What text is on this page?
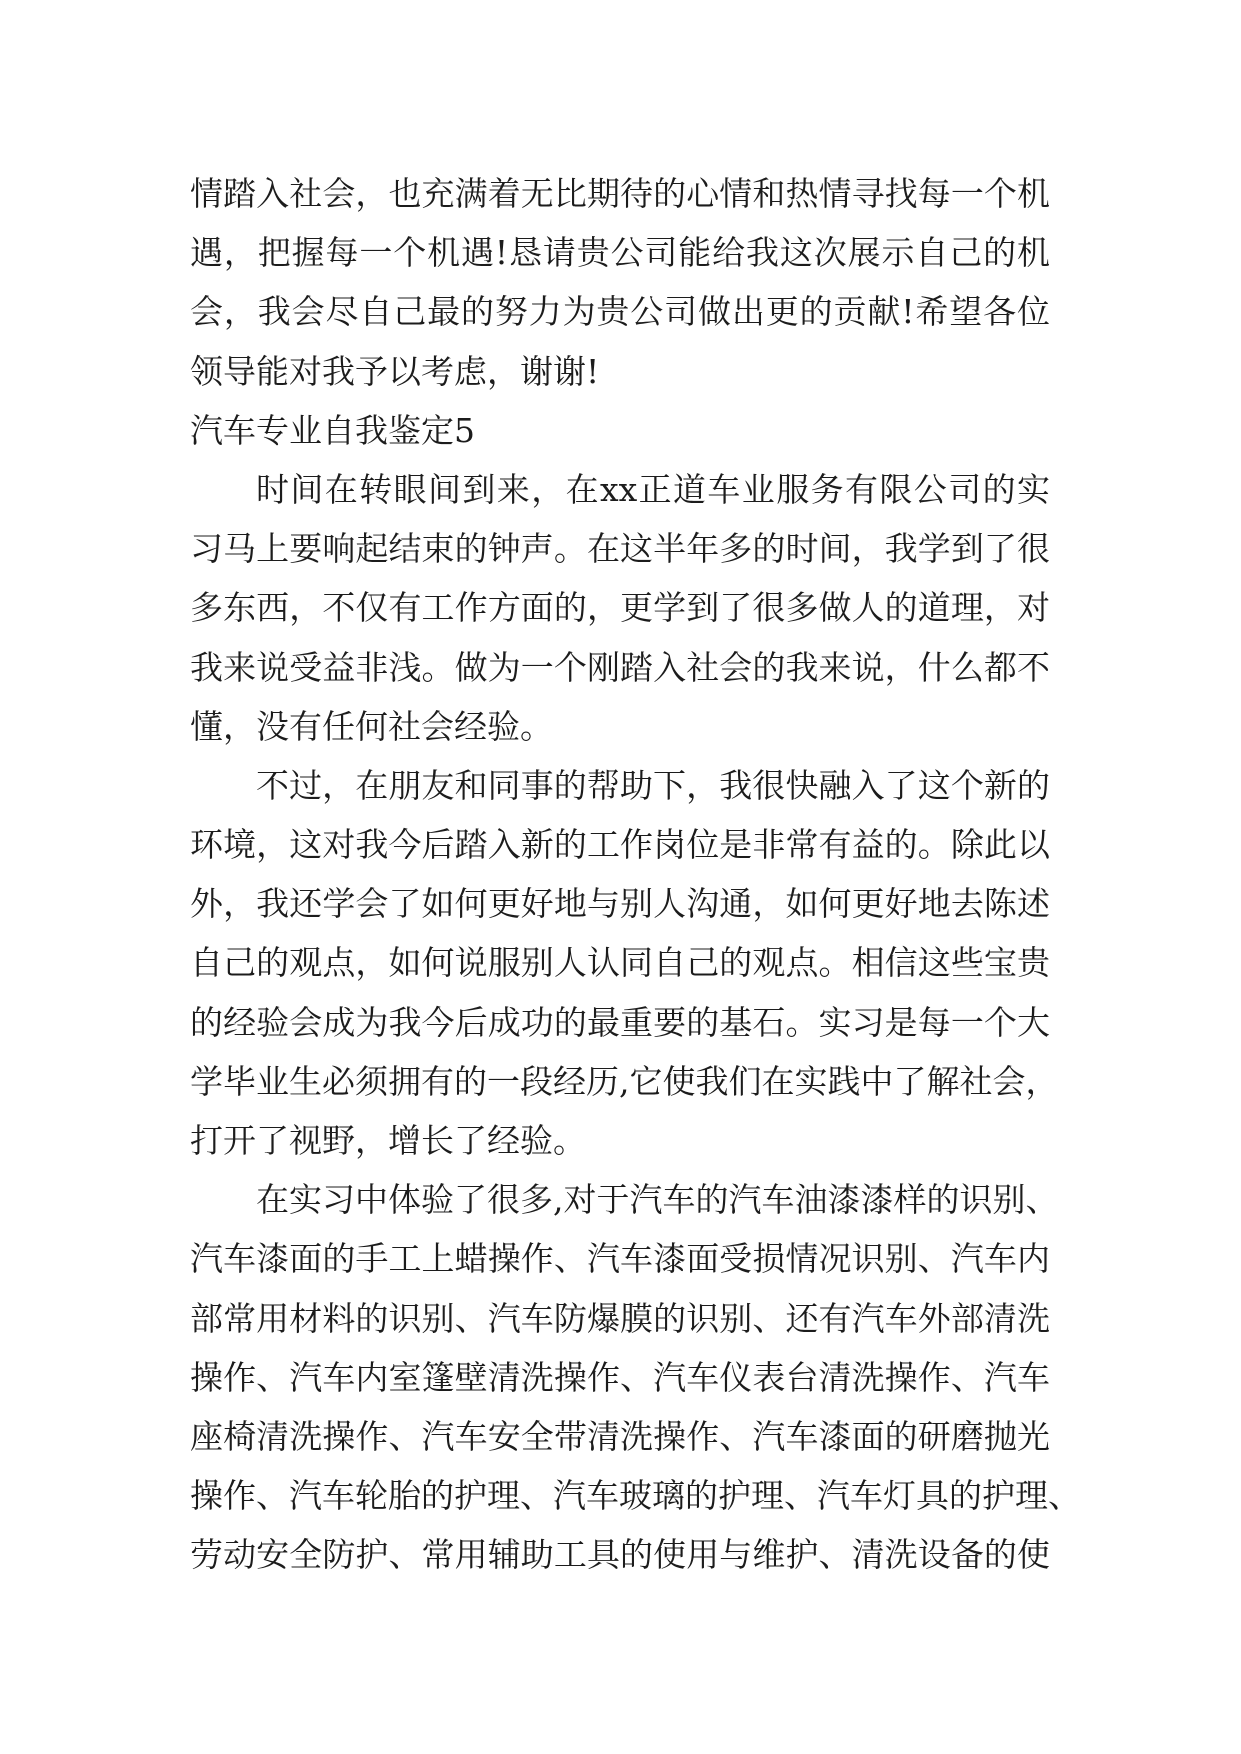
情踏入社会，也充满着无比期待的心情和热情寻找每一个机
遇，把握每一个机遇!恳请贵公司能给我这次展示自己的机
会，我会尽自己最的努力为贵公司做出更的贡献!希望各位
领导能对我予以考虑，谢谢!
汽车专业自我鉴定5
时间在转眼间到来，在xx正道车业服务有限公司的实
习马上要响起结束的钟声。在这半年多的时间，我学到了很
多东西，不仅有工作方面的，更学到了很多做人的道理，对
我来说受益非浅。做为一个刚踏入社会的我来说，什么都不
懂，没有任何社会经验。
不过，在朋友和同事的帮助下，我很快融入了这个新的
环境，这对我今后踏入新的工作岗位是非常有益的。除此以
外，我还学会了如何更好地与别人沟通，如何更好地去陈述
自己的观点，如何说服别人认同自己的观点。相信这些宝贵
的经验会成为我今后成功的最重要的基石。实习是每一个大
学毕业生必须拥有的一段经历,它使我们在实践中了解社会，
打开了视野，增长了经验。
在实习中体验了很多,对于汽车的汽车油漆漆样的识别、
汽车漆面的手工上蜡操作、汽车漆面受损情况识别、汽车内
部常用材料的识别、汽车防爆膜的识别、还有汽车外部清洗
操作、汽车内室篷壁清洗操作、汽车仪表台清洗操作、汽车
座椅清洗操作、汽车安全带清洗操作、汽车漆面的研磨抛光
操作、汽车轮胎的护理、汽车玻璃的护理、汽车灯具的护理、
劳动安全防护、常用辅助工具的使用与维护、清洗设备的使
